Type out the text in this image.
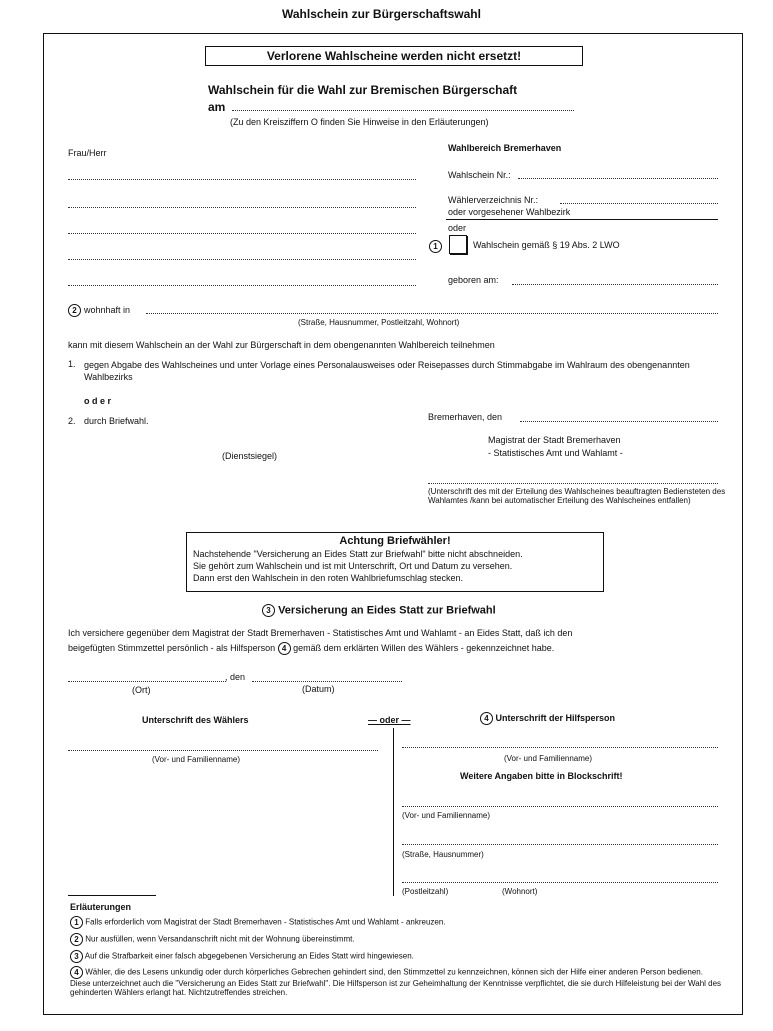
Wahlschein zur Bürgerschaftswahl
Verlorene Wahlscheine werden nicht ersetzt!
Wahlschein für die Wahl zur Bremischen Bürgerschaft
am
(Zu den Kreisziffern O finden Sie Hinweise in den Erläuterungen)
Frau/Herr	Wahlbereich Bremerhaven
Wahlschein Nr.:
Wählerverzeichnis Nr.:
oder vorgesehener Wahlbezirk
oder
1	Wahlschein gemäß § 19 Abs. 2 LWO
geboren am:
2 wohnhaft in
(Straße, Hausnummer, Postleitzahl, Wohnort)
kann mit diesem Wahlschein an der Wahl zur Bürgerschaft in dem obengenannten Wahlbereich teilnehmen
1. gegen Abgabe des Wahlscheines und unter Vorlage eines Personalausweises oder Reisepasses durch Stimmabgabe im Wahlraum des obengenannten Wahlbezirks
o d e r
2. durch Briefwahl.	Bremerhaven, den
Magistrat der Stadt Bremerhaven
- Statistisches Amt und Wahlamt -
(Dienstsiegel)
(Unterschrift des mit der Erteilung des Wahlscheines beauftragten Bediensteten des Wahlamtes /kann bei automatischer Erteilung des Wahlscheines entfallen)
Achtung Briefwähler!
Nachstehende "Versicherung an Eides Statt zur Briefwahl" bitte nicht abschneiden.
Sie gehört zum Wahlschein und ist mit Unterschrift, Ort und Datum zu versehen.
Dann erst den Wahlschein in den roten Wahlbriefumschlag stecken.
3 Versicherung an Eides Statt zur Briefwahl
Ich versichere gegenüber dem Magistrat der Stadt Bremerhaven - Statistisches Amt und Wahlamt - an Eides Statt, daß ich den
beigefügten Stimmzettel persönlich - als Hilfsperson 4 gemäß dem erklärten Willen des Wählers - gekennzeichnet habe.
, den
(Ort)	(Datum)
Unterschrift des Wählers	— oder —	4 Unterschrift der Hilfsperson
(Vor- und Familienname)	(Vor- und Familienname)
Weitere Angaben bitte in Blockschrift!
(Vor- und Familienname)
(Straße, Hausnummer)
(Postleitzahl)	(Wohnort)
Erläuterungen
1 Falls erforderlich vom Magistrat der Stadt Bremerhaven - Statistisches Amt und Wahlamt - ankreuzen.
2 Nur ausfüllen, wenn Versandanschrift nicht mit der Wohnung übereinstimmt.
3 Auf die Strafbarkeit einer falsch abgegebenen Versicherung an Eides Statt wird hingewiesen.
4 Wähler, die des Lesens unkundig oder durch körperliches Gebrechen gehindert sind, den Stimmzettel zu kennzeichnen, können sich der Hilfe einer anderen Person bedienen. Diese unterzeichnet auch die "Versicherung an Eides Statt zur Briefwahl". Die Hilfsperson ist zur Geheimhaltung der Kenntnisse verpflichtet, die sie durch Hilfeleistung bei der Wahl des gehinderten Wählers erlangt hat. Nichtzutreffendes streichen.
